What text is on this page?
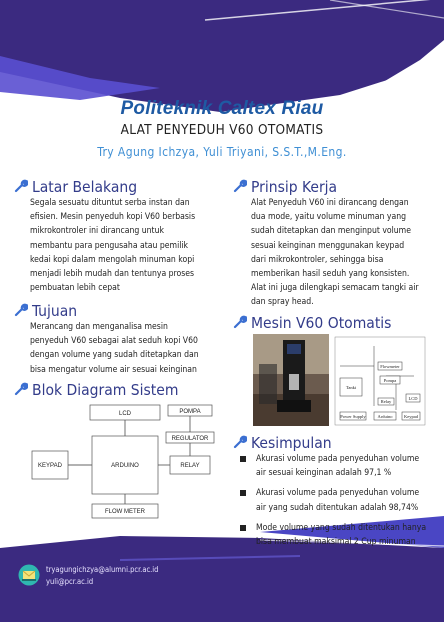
Politeknik Caltex Riau
ALAT PENYEDUH V60 OTOMATIS
Try Agung Ichzya, Yuli Triyani, S.S.T.,M.Eng.
Latar Belakang
Segala sesuatu dituntut serba instan dan
efisien. Mesin penyeduh kopi V60 berbasis
mikrokontroler ini dirancang untuk
membantu para pengusaha atau pemilik
kedai kopi dalam mengolah minuman kopi
menjadi lebih mudah dan tentunya proses
pembuatan lebih cepat
Tujuan
Merancang dan menganalisa mesin
penyeduh V60 sebagai alat seduh kopi V60
dengan volume yang sudah ditetapkan dan
bisa mengatur volume air sesuai keinginan
Blok Diagram Sistem
LCD	POMPA
REGULATOR
KEYPAD	ARDUINO	RELAY
FLOW METER
Prinsip Kerja
Alat Penyeduh V60 ini dirancang dengan
dua mode, yaitu volume minuman yang
sudah ditetapkan dan menginput volume
sesuai keinginan menggunakan keypad
dari mikrokontroler, sehingga bisa
memberikan hasil seduh yang konsisten.
Alat ini juga dilengkapi semacam tangki air
dan spray head.
Mesin V60 Otomatis
Flowmeter
Pompa
Tanki
Power Supply	Arduino
Relay
LCD
Keypad
Kesimpulan
Akurasi volume pada penyeduhan volume
air sesuai keinginan adalah 97,1 %
Akurasi volume pada penyeduhan volume
air yang sudah ditentukan adalah 98,74%
Mode volume yang sudah ditentukan hanya
bisa membuat maksimal 2 Cup minuman
tryagungichzya@alumni.pcr.ac.id
yuli@pcr.ac.id
